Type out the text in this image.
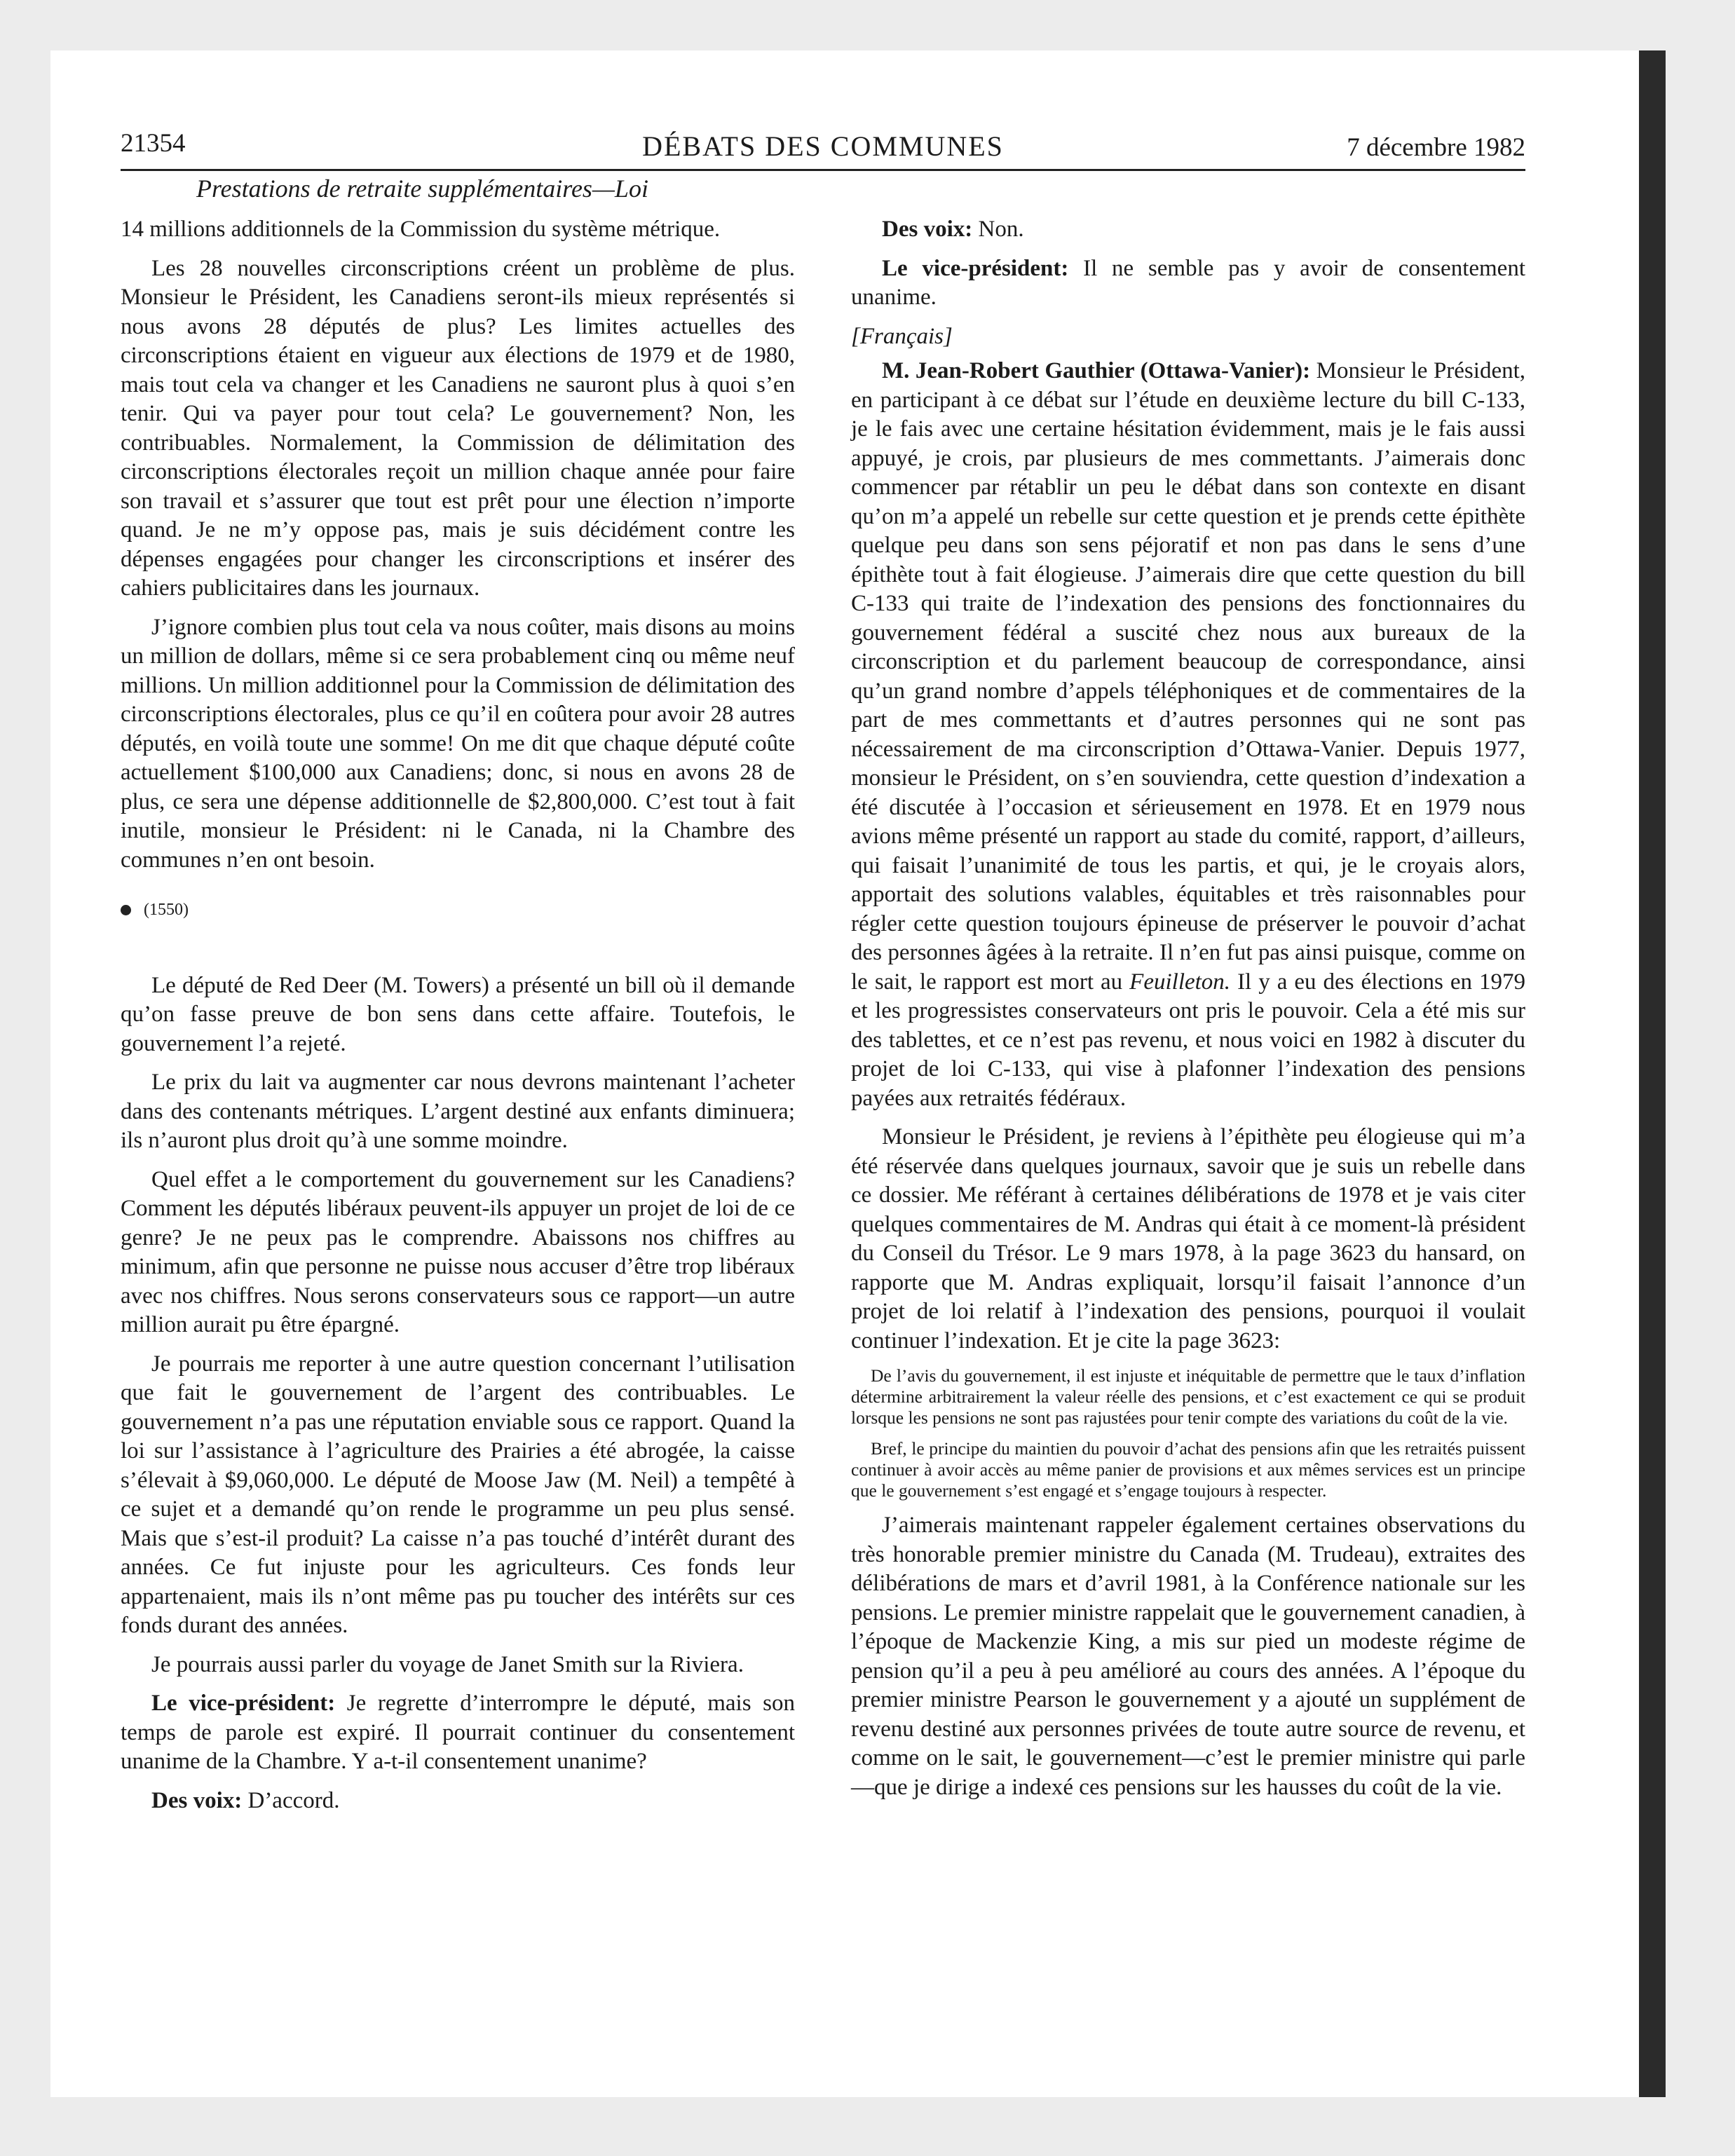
21354	DÉBATS DES COMMUNES	7 décembre 1982
Prestations de retraite supplémentaires—Loi

14 millions additionnels de la Commission du système métrique.

Les 28 nouvelles circonscriptions créent un problème de plus. Monsieur le Président, les Canadiens seront-ils mieux représentés si nous avons 28 députés de plus? Les limites actuelles des circonscriptions étaient en vigueur aux élections de 1979 et de 1980, mais tout cela va changer et les Canadiens ne sauront plus à quoi s’en tenir. Qui va payer pour tout cela? Le gouvernement? Non, les contribuables. Normalement, la Commission de délimitation des circonscriptions électorales reçoit un million chaque année pour faire son travail et s’assurer que tout est prêt pour une élection n’importe quand. Je ne m’y oppose pas, mais je suis décidément contre les dépenses engagées pour changer les circonscriptions et insérer des cahiers publicitaires dans les journaux.

J’ignore combien plus tout cela va nous coûter, mais disons au moins un million de dollars, même si ce sera probablement cinq ou même neuf millions. Un million additionnel pour la Commission de délimitation des circonscriptions électorales, plus ce qu’il en coûtera pour avoir 28 autres députés, en voilà toute une somme! On me dit que chaque député coûte actuellement $100,000 aux Canadiens; donc, si nous en avons 28 de plus, ce sera une dépense additionnelle de $2,800,000. C’est tout à fait inutile, monsieur le Président: ni le Canada, ni la Chambre des communes n’en ont besoin.

(1550)

Le député de Red Deer (M. Towers) a présenté un bill où il demande qu’on fasse preuve de bon sens dans cette affaire. Toutefois, le gouvernement l’a rejeté.

Le prix du lait va augmenter car nous devrons maintenant l’acheter dans des contenants métriques. L’argent destiné aux enfants diminuera; ils n’auront plus droit qu’à une somme moindre.

Quel effet a le comportement du gouvernement sur les Canadiens? Comment les députés libéraux peuvent-ils appuyer un projet de loi de ce genre? Je ne peux pas le comprendre. Abaissons nos chiffres au minimum, afin que personne ne puisse nous accuser d’être trop libéraux avec nos chiffres. Nous serons conservateurs sous ce rapport—un autre million aurait pu être épargné.

Je pourrais me reporter à une autre question concernant l’utilisation que fait le gouvernement de l’argent des contribuables. Le gouvernement n’a pas une réputation enviable sous ce rapport. Quand la loi sur l’assistance à l’agriculture des Prairies a été abrogée, la caisse s’élevait à $9,060,000. Le député de Moose Jaw (M. Neil) a tempêté à ce sujet et a demandé qu’on rende le programme un peu plus sensé. Mais que s’est-il produit? La caisse n’a pas touché d’intérêt durant des années. Ce fut injuste pour les agriculteurs. Ces fonds leur appartenaient, mais ils n’ont même pas pu toucher des intérêts sur ces fonds durant des années.

Je pourrais aussi parler du voyage de Janet Smith sur la Riviera.

Le vice-président: Je regrette d’interrompre le député, mais son temps de parole est expiré. Il pourrait continuer du consentement unanime de la Chambre. Y a-t-il consentement unanime?

Des voix: D’accord.

Des voix: Non.

Le vice-président: Il ne semble pas y avoir de consentement unanime.

[Français]

M. Jean-Robert Gauthier (Ottawa-Vanier): Monsieur le Président, en participant à ce débat sur l’étude en deuxième lecture du bill C-133, je le fais avec une certaine hésitation évidemment, mais je le fais aussi appuyé, je crois, par plusieurs de mes commettants. J’aimerais donc commencer par rétablir un peu le débat dans son contexte en disant qu’on m’a appelé un rebelle sur cette question et je prends cette épithète quelque peu dans son sens péjoratif et non pas dans le sens d’une épithète tout à fait élogieuse. J’aimerais dire que cette question du bill C-133 qui traite de l’indexation des pensions des fonctionnaires du gouvernement fédéral a suscité chez nous aux bureaux de la circonscription et du parlement beaucoup de correspondance, ainsi qu’un grand nombre d’appels téléphoniques et de commentaires de la part de mes commettants et d’autres personnes qui ne sont pas nécessairement de ma circonscription d’Ottawa-Vanier. Depuis 1977, monsieur le Président, on s’en souviendra, cette question d’indexation a été discutée à l’occasion et sérieusement en 1978. Et en 1979 nous avions même présenté un rapport au stade du comité, rapport, d’ailleurs, qui faisait l’unanimité de tous les partis, et qui, je le croyais alors, apportait des solutions valables, équitables et très raisonnables pour régler cette question toujours épineuse de préserver le pouvoir d’achat des personnes âgées à la retraite. Il n’en fut pas ainsi puisque, comme on le sait, le rapport est mort au Feuilleton. Il y a eu des élections en 1979 et les progressistes conservateurs ont pris le pouvoir. Cela a été mis sur des tablettes, et ce n’est pas revenu, et nous voici en 1982 à discuter du projet de loi C-133, qui vise à plafonner l’indexation des pensions payées aux retraités fédéraux.

Monsieur le Président, je reviens à l’épithète peu élogieuse qui m’a été réservée dans quelques journaux, savoir que je suis un rebelle dans ce dossier. Me référant à certaines délibérations de 1978 et je vais citer quelques commentaires de M. Andras qui était à ce moment-là président du Conseil du Trésor. Le 9 mars 1978, à la page 3623 du hansard, on rapporte que M. Andras expliquait, lorsqu’il faisait l’annonce d’un projet de loi relatif à l’indexation des pensions, pourquoi il voulait continuer l’indexation. Et je cite la page 3623:

De l’avis du gouvernement, il est injuste et inéquitable de permettre que le taux d’inflation détermine arbitrairement la valeur réelle des pensions, et c’est exactement ce qui se produit lorsque les pensions ne sont pas rajustées pour tenir compte des variations du coût de la vie.

Bref, le principe du maintien du pouvoir d’achat des pensions afin que les retraités puissent continuer à avoir accès au même panier de provisions et aux mêmes services est un principe que le gouvernement s’est engagé et s’engage toujours à respecter.

J’aimerais maintenant rappeler également certaines observations du très honorable premier ministre du Canada (M. Trudeau), extraites des délibérations de mars et d’avril 1981, à la Conférence nationale sur les pensions. Le premier ministre rappelait que le gouvernement canadien, à l’époque de Mackenzie King, a mis sur pied un modeste régime de pension qu’il a peu à peu amélioré au cours des années. A l’époque du premier ministre Pearson le gouvernement y a ajouté un supplément de revenu destiné aux personnes privées de toute autre source de revenu, et comme on le sait, le gouvernement—c’est le premier ministre qui parle—que je dirige a indexé ces pensions sur les hausses du coût de la vie.
